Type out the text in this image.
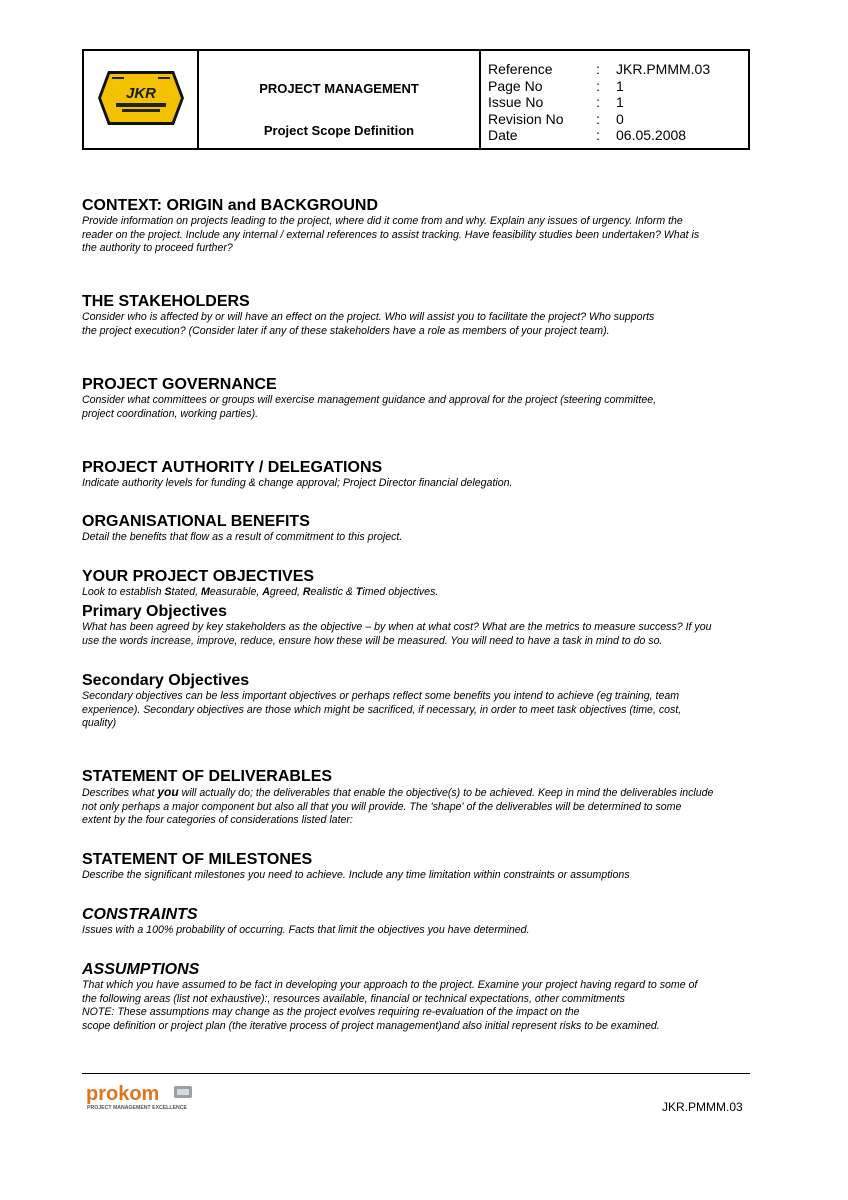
JKR	PROJECT MANAGEMENT
Project Scope Definition
Reference	:	JKR.PMMM.03
Page No	:	1
Issue No	:	1
Revision No	:	0
Date	:	06.05.2008
CONTEXT: ORIGIN and BACKGROUND
Provide information on projects leading to the project, where did it come from and why. Explain any issues of urgency. Inform the
reader on the project. Include any internal / external references to assist tracking. Have feasibility studies been undertaken? What is
the authority to proceed further?
THE STAKEHOLDERS
Consider who is affected by or will have an effect on the project. Who will assist you to facilitate the project? Who supports
the project execution? (Consider later if any of these stakeholders have a role as members of your project team).
PROJECT GOVERNANCE
Consider what committees or groups will exercise management guidance and approval for the project (steering committee,
project coordination, working parties).
PROJECT AUTHORITY / DELEGATIONS
Indicate authority levels for funding & change approval; Project Director financial delegation.
ORGANISATIONAL BENEFITS
Detail the benefits that flow as a result of commitment to this project.
YOUR PROJECT OBJECTIVES
Look to establish Stated, Measurable, Agreed, Realistic & Timed objectives.
Primary Objectives
What has been agreed by key stakeholders as the objective – by when at what cost? What are the metrics to measure success? If you
use the words increase, improve, reduce, ensure how these will be measured. You will need to have a task in mind to do so.
Secondary Objectives
Secondary objectives can be less important objectives or perhaps reflect some benefits you intend to achieve (eg training, team
experience). Secondary objectives are those which might be sacrificed, if necessary, in order to meet task objectives (time, cost,
quality)
STATEMENT OF DELIVERABLES
Describes what you will actually do; the deliverables that enable the objective(s) to be achieved. Keep in mind the deliverables include
not only perhaps a major component but also all that you will provide. The 'shape' of the deliverables will be determined to some
extent by the four categories of considerations listed later:
STATEMENT OF MILESTONES
Describe the significant milestones you need to achieve. Include any time limitation within constraints or assumptions
CONSTRAINTS
Issues with a 100% probability of occurring. Facts that limit the objectives you have determined.
ASSUMPTIONS
That which you have assumed to be fact in developing your approach to the project. Examine your project having regard to some of
the following areas (list not exhaustive):, resources available, financial or technical expectations, other commitments
NOTE: These assumptions may change as the project evolves requiring re-evaluation of the impact on the
scope definition or project plan (the iterative process of project management)and also initial represent risks to be examined.
prokom
PROJECT MANAGEMENT EXCELLENCE	JKR.PMMM.03
